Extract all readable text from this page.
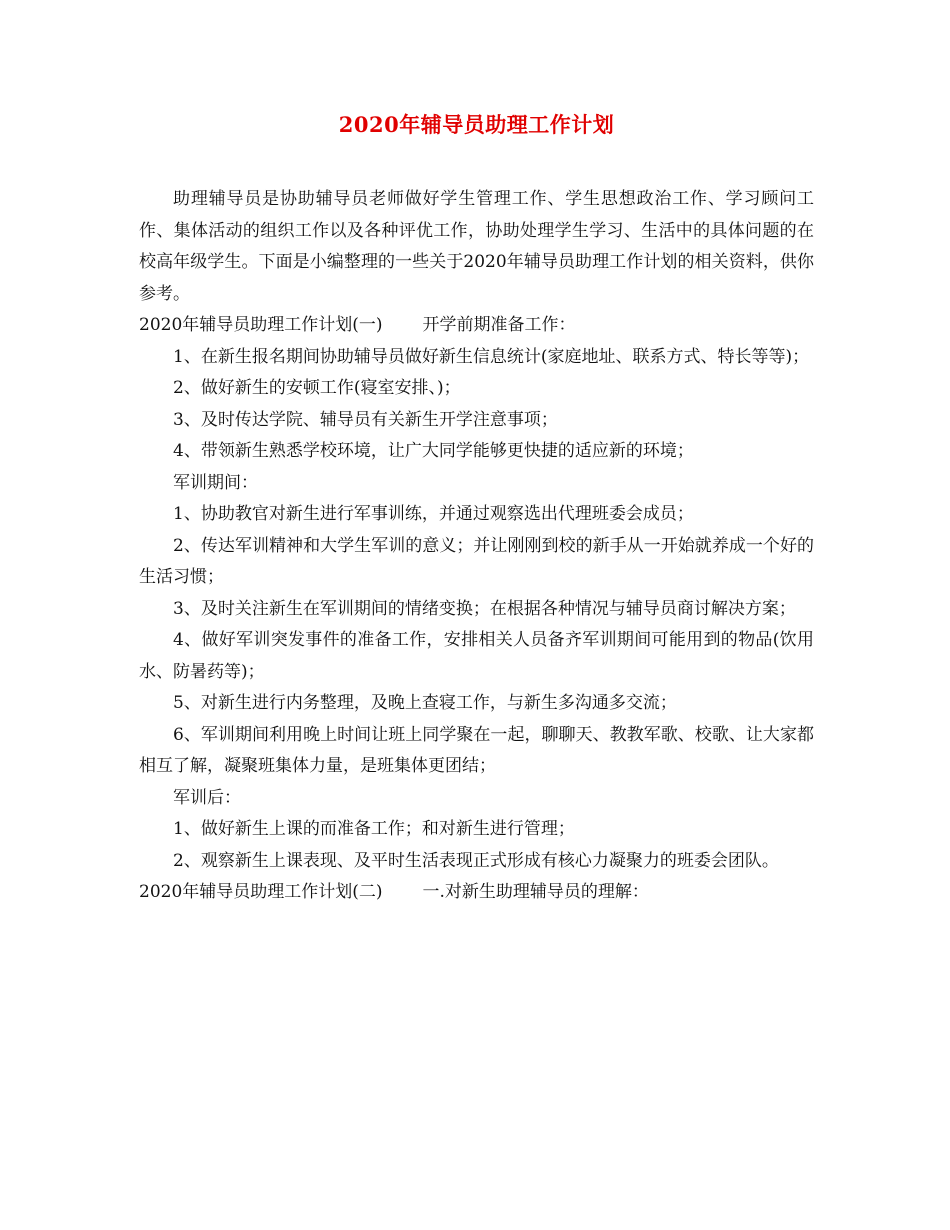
2020年辅导员助理工作计划

助理辅导员是协助辅导员老师做好学生管理工作、学生思想政治工作、学习顾问工作、集体活动的组织工作以及各种评优工作，协助处理学生学习、生活中的具体问题的在校高年级学生。下面是小编整理的一些关于2020年辅导员助理工作计划的相关资料，供你参考。

2020年辅导员助理工作计划(一) 开学前期准备工作：

1、在新生报名期间协助辅导员做好新生信息统计(家庭地址、联系方式、特长等等)；

2、做好新生的安顿工作(寝室安排、)；

3、及时传达学院、辅导员有关新生开学注意事项；

4、带领新生熟悉学校环境，让广大同学能够更快捷的适应新的环境；

军训期间：

1、协助教官对新生进行军事训练，并通过观察选出代理班委会成员；

2、传达军训精神和大学生军训的意义；并让刚刚到校的新手从一开始就养成一个好的生活习惯；

3、及时关注新生在军训期间的情绪变换；在根据各种情况与辅导员商讨解决方案；

4、做好军训突发事件的准备工作，安排相关人员备齐军训期间可能用到的物品(饮用水、防暑药等)；

5、对新生进行内务整理，及晚上查寝工作，与新生多沟通多交流；

6、军训期间利用晚上时间让班上同学聚在一起，聊聊天、教教军歌、校歌、让大家都相互了解，凝聚班集体力量，是班集体更团结；

军训后：

1、做好新生上课的而准备工作；和对新生进行管理；

2、观察新生上课表现、及平时生活表现正式形成有核心力凝聚力的班委会团队。

2020年辅导员助理工作计划(二) 一.对新生助理辅导员的理解：
